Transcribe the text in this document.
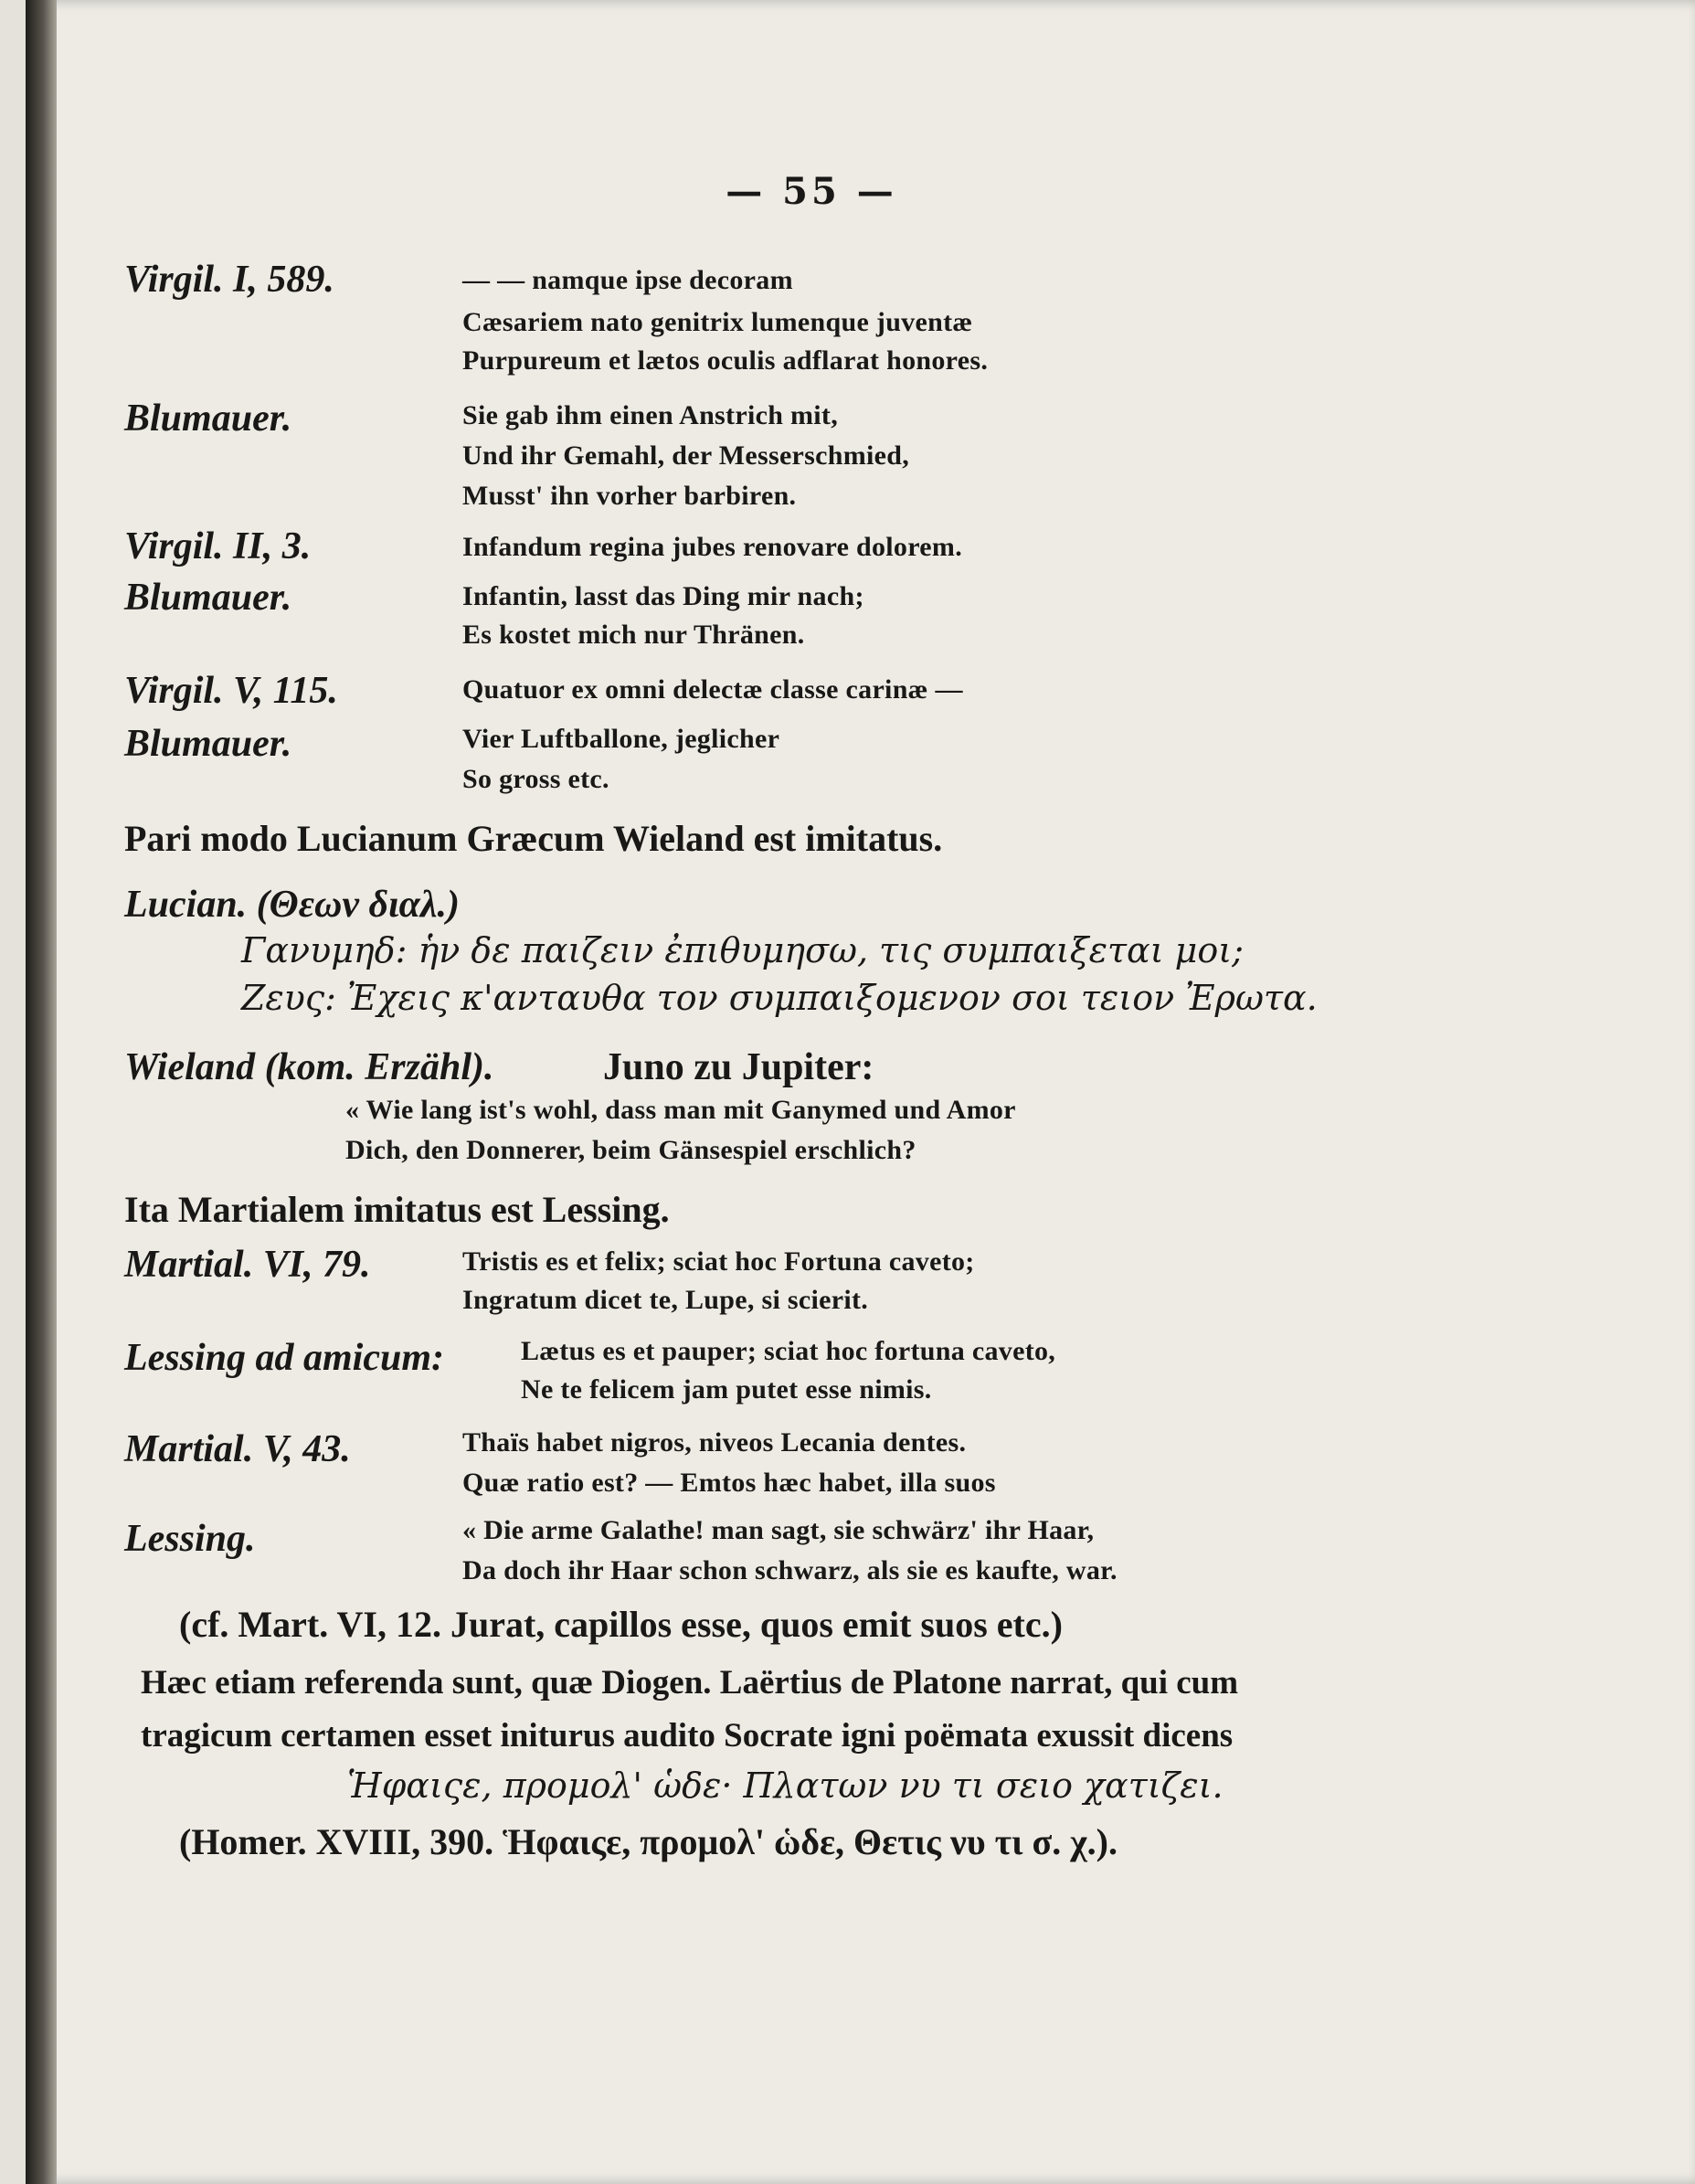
— 55 —
Virgil. I, 589.	— — namque ipse decoram
Cæsariem nato genitrix lumenque juventæ
Purpureum et lætos oculis adflarat honores.
Blumauer.	Sie gab ihm einen Anstrich mit,
Und ihr Gemahl, der Messerschmied,
Musst' ihn vorher barbiren.
Virgil. II, 3.	Infandum regina jubes renovare dolorem.
Blumauer.	Infantin, lasst das Ding mir nach;
Es kostet mich nur Thränen.
Virgil. V, 115.	Quatuor ex omni delectæ classe carinæ —
Blumauer.	Vier Luftballone, jeglicher
So gross etc.
Pari modo Lucianum Græcum Wieland est imitatus.
Lucian. (Θεων διαλ.)
Γανυμηδ: ἡν δε παιζειν ἐπιθυμησω, τις συμπαιξεται μοι;
Ζευς: Ἐχεις κ'ανταυθα τον συμπαιξομενον σοι τειον Ἐρωτα.
Wieland (kom. Erzähl).	Juno zu Jupiter:
« Wie lang ist's wohl, dass man mit Ganymed und Amor
Dich, den Donnerer, beim Gänsespiel erschlich?
Ita Martialem imitatus est Lessing.
Martial. VI, 79.	Tristis es et felix; sciat hoc Fortuna caveto;
Ingratum dicet te, Lupe, si scierit.
Lessing ad amicum:	Lætus es et pauper; sciat hoc fortuna caveto,
Ne te felicem jam putet esse nimis.
Martial. V, 43.	Thaïs habet nigros, niveos Lecania dentes.
Quæ ratio est? — Emtos hæc habet, illa suos
Lessing.	« Die arme Galathe! man sagt, sie schwärz' ihr Haar,
Da doch ihr Haar schon schwarz, als sie es kaufte, war.
(cf. Mart. VI, 12. Jurat, capillos esse, quos emit suos etc.)
Hæc etiam referenda sunt, quæ Diogen. Laërtius de Platone narrat, qui cum
tragicum certamen esset initurus audito Socrate igni poëmata exussit dicens
Ἡφαιςε, προμολ' ὡδε· Πλατων νυ τι σειο χατιζει.
(Homer. XVIII, 390. Ἡφαιςε, προμολ' ὡδε, Θετις νυ τι σ. χ.).
